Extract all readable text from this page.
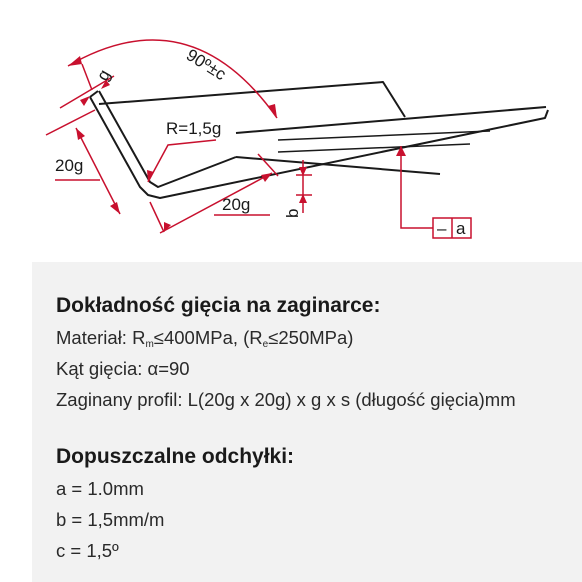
90º±c
g
R=1,5g
20g
20g b
– a
Dokładność gięcia na zaginarce:
Materiał: $R_m\le 400MPa$, $(R_e\le 250MPa)$
Kąt gięcia: α=90
Zaginany profil: L(20g x 20g) x g x s (długość gięcia)mm
Dopuszczalne odchyłki:
a = 1.0mm
b = 1,5mm/m
c = 1,5º
